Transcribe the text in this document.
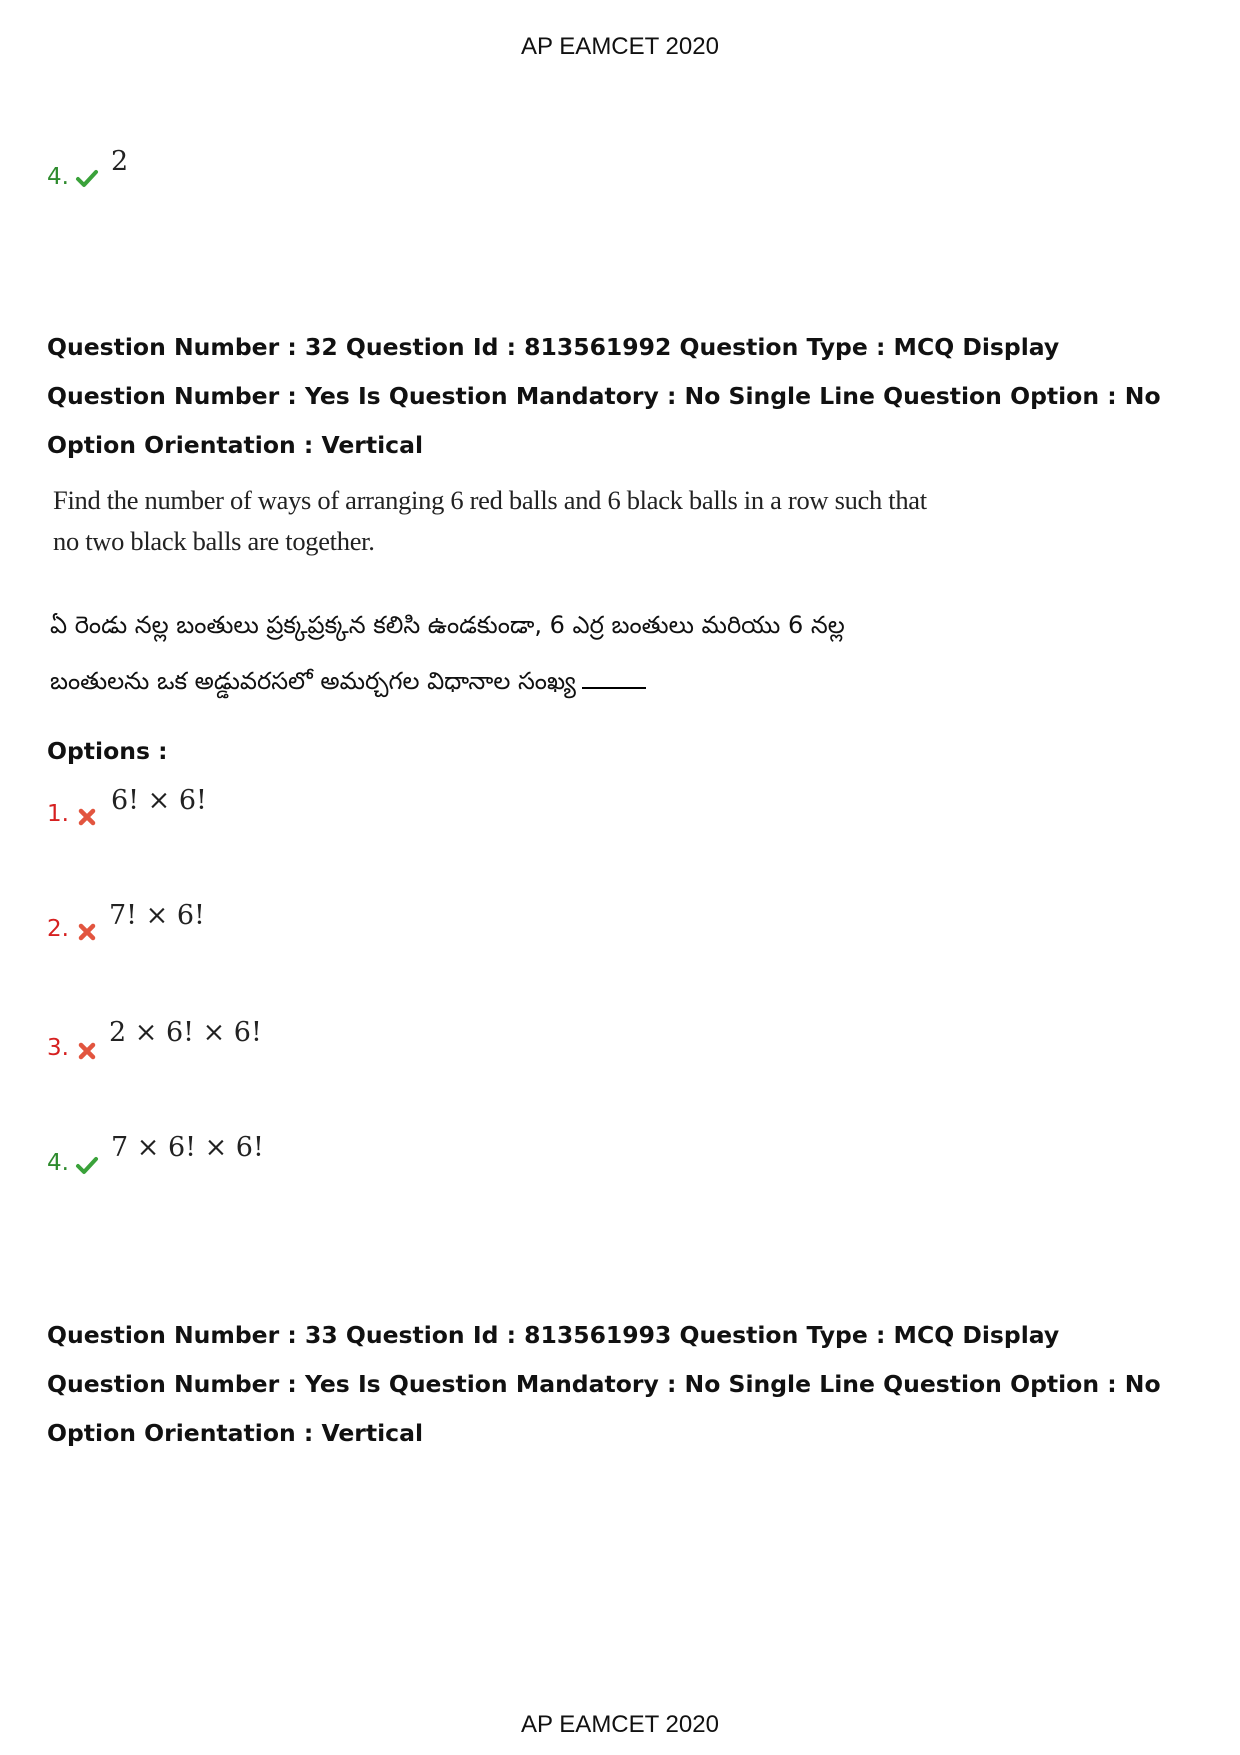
AP EAMCET 2020
4. 2
Question Number : 32 Question Id : 813561992 Question Type : MCQ Display Question Number : Yes Is Question Mandatory : No Single Line Question Option : No Option Orientation : Vertical
Find the number of ways of arranging 6 red balls and 6 black balls in a row such that no two black balls are together.
ఏ రెండు నల్ల బంతులు ప్రక్కప్రక్కన కలిసి ఉండకుండా, 6 ఎర్ర బంతులు మరియు 6 నల్ల బంతులను ఒక అడ్డువరసలో అమర్చగల విధానాల సంఖ్య
Options :
1. 6! × 6!
2. 7! × 6!
3. 2 × 6! × 6!
4. 7 × 6! × 6!
Question Number : 33 Question Id : 813561993 Question Type : MCQ Display Question Number : Yes Is Question Mandatory : No Single Line Question Option : No Option Orientation : Vertical
AP EAMCET 2020
